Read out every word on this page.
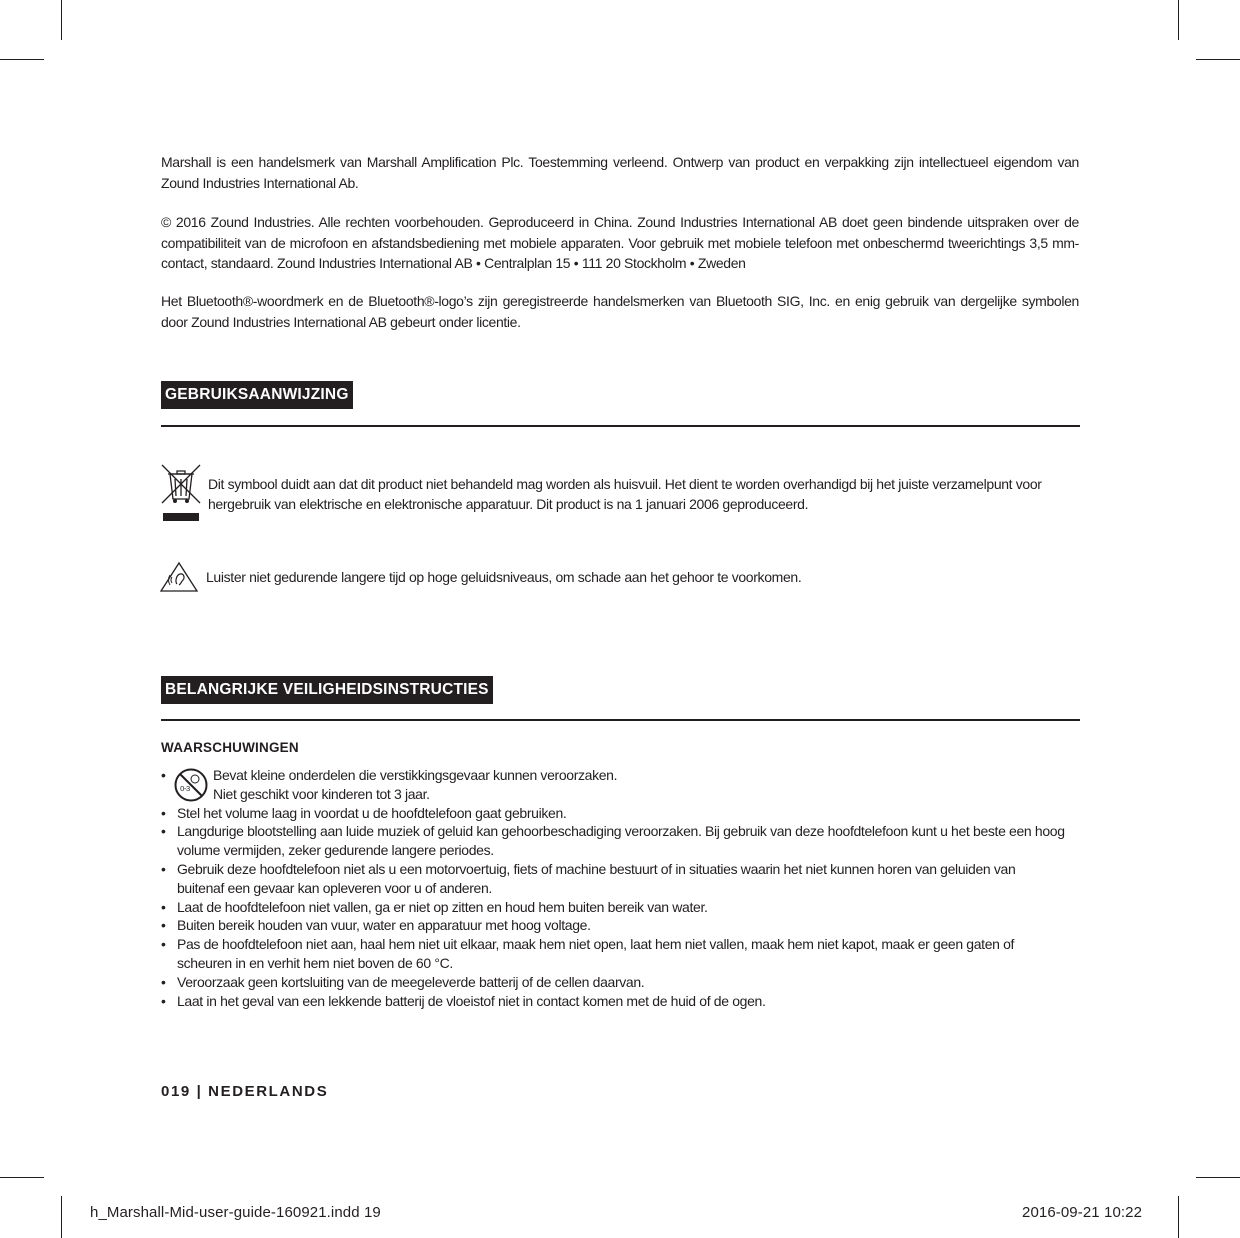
Marshall is een handelsmerk van Marshall Amplification Plc. Toestemming verleend. Ontwerp van product en verpakking zijn intellectueel eigendom van Zound Industries International Ab.

© 2016 Zound Industries. Alle rechten voorbehouden. Geproduceerd in China. Zound Industries International AB doet geen bindende uitspraken over de compatibiliteit van de microfoon en afstandsbediening met mobiele apparaten. Voor gebruik met mobiele telefoon met onbeschermd tweerichtings 3,5 mm-contact, standaard. Zound Industries International AB • Centralplan 15 • 111 20 Stockholm • Zweden

Het Bluetooth®-woordmerk en de Bluetooth®-logo’s zijn geregistreerde handelsmerken van Bluetooth SIG, Inc. en enig gebruik van dergelijke symbolen door Zound Industries International AB gebeurt onder licentie.

GEBRUIKSAANWIJZING
Dit symbool duidt aan dat dit product niet behandeld mag worden als huisvuil. Het dient te worden overhandigd bij het juiste verzamelpunt voor
hergebruik van elektrische en elektronische apparatuur. Dit product is na 1 januari 2006 geproduceerd.
Luister niet gedurende langere tijd op hoge geluidsniveaus, om schade aan het gehoor te voorkomen.
BELANGRIJKE VEILIGHEIDSINSTRUCTIES
WAARSCHUWINGEN
•
0-3
Bevat kleine onderdelen die verstikkingsgevaar kunnen veroorzaken.
Niet geschikt voor kinderen tot 3 jaar.
• Stel het volume laag in voordat u de hoofdtelefoon gaat gebruiken.
• Langdurige blootstelling aan luide muziek of geluid kan gehoorbeschadiging veroorzaken. Bij gebruik van deze hoofdtelefoon kunt u het beste een hoog
volume vermijden, zeker gedurende langere periodes.
• Gebruik deze hoofdtelefoon niet als u een motorvoertuig, fiets of machine bestuurt of in situaties waarin het niet kunnen horen van geluiden van
buitenaf een gevaar kan opleveren voor u of anderen.
• Laat de hoofdtelefoon niet vallen, ga er niet op zitten en houd hem buiten bereik van water.
• Buiten bereik houden van vuur, water en apparatuur met hoog voltage.
• Pas de hoofdtelefoon niet aan, haal hem niet uit elkaar, maak hem niet open, laat hem niet vallen, maak hem niet kapot, maak er geen gaten of
scheuren in en verhit hem niet boven de 60 °C.
• Veroorzaak geen kortsluiting van de meegeleverde batterij of de cellen daarvan.
• Laat in het geval van een lekkende batterij de vloeistof niet in contact komen met de huid of de ogen.
019 | NEDERLANDS
h_Marshall-Mid-user-guide-160921.indd 19	2016-09-21 10:22
